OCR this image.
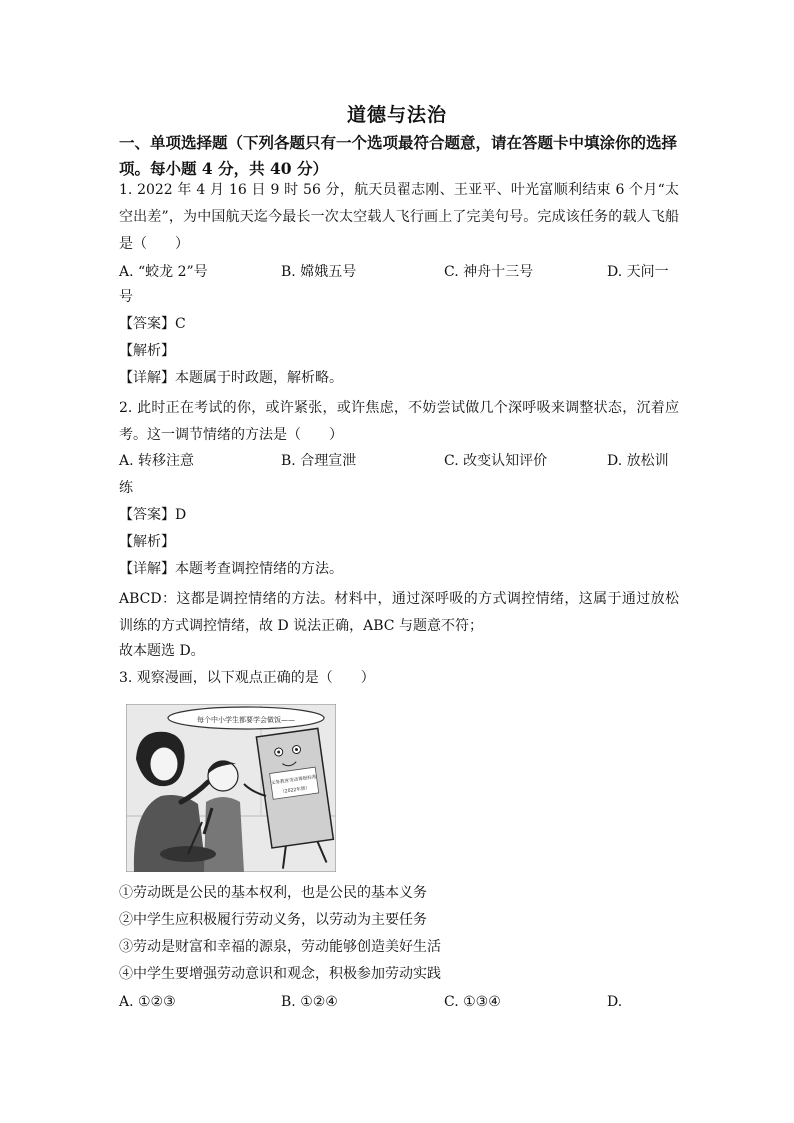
道德与法治
一、单项选择题（下列各题只有一个选项最符合题意，请在答题卡中填涂你的选择项。每小题 4 分，共 40 分）
1. 2022 年 4 月 16 日 9 时 56 分，航天员翟志刚、王亚平、叶光富顺利结束 6 个月“太空出差”，为中国航天迄今最长一次太空载人飞行画上了完美句号。完成该任务的载人飞船是（　　）
A. “蛟龙 2”号	B. 嫦娥五号	C. 神舟十三号	D. 天问一
号
【答案】C
【解析】
【详解】本题属于时政题，解析略。
2. 此时正在考试的你，或许紧张，或许焦虑，不妨尝试做几个深呼吸来调整状态，沉着应考。这一调节情绪的方法是（　　）
A. 转移注意	B. 合理宣泄	C. 改变认知评价	D. 放松训
练
【答案】D
【解析】
【详解】本题考查调控情绪的方法。
ABCD：这都是调控情绪的方法。材料中，通过深呼吸的方式调控情绪，这属于通过放松训练的方式调控情绪，故 D 说法正确，ABC 与题意不符；
故本题选 D。
3. 观察漫画，以下观点正确的是（　　）
每个中小学生都要学会做饭——
义务教育劳动课程标准
（2022年版）
①劳动既是公民的基本权利，也是公民的基本义务
②中学生应积极履行劳动义务，以劳动为主要任务
③劳动是财富和幸福的源泉，劳动能够创造美好生活
④中学生要增强劳动意识和观念，积极参加劳动实践
A. ①②③	B. ①②④	C. ①③④	D.
